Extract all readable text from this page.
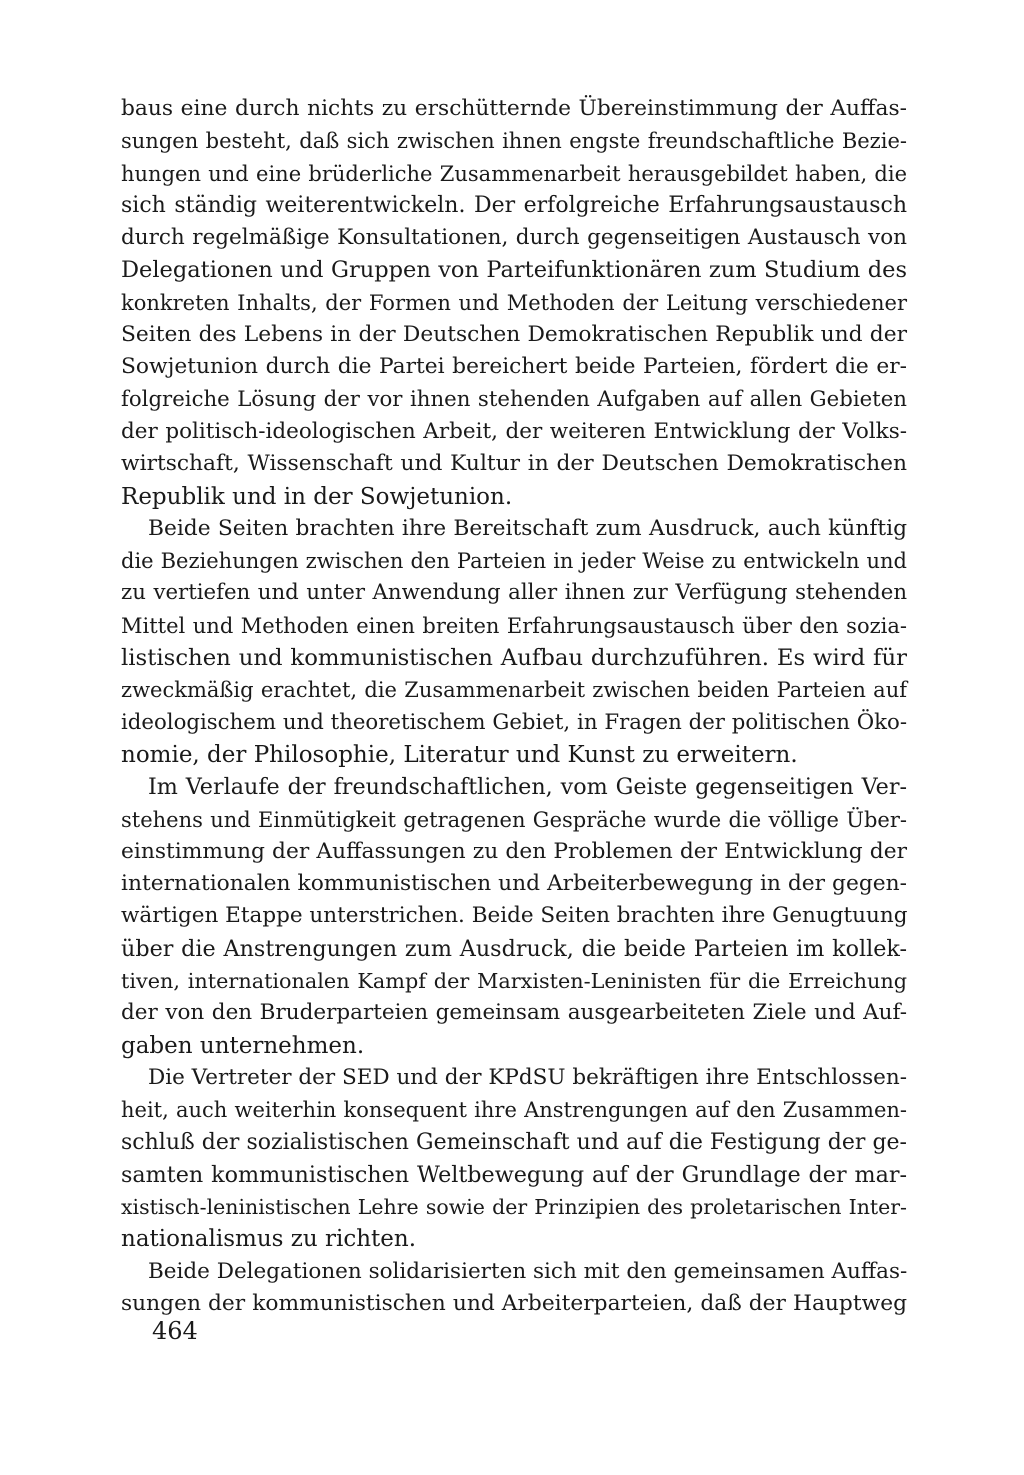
baus eine durch nichts zu erschütternde Übereinstimmung der Auffas-
sungen besteht, daß sich zwischen ihnen engste freundschaftliche Bezie-
hungen und eine brüderliche Zusammenarbeit herausgebildet haben, die
sich ständig weiterentwickeln. Der erfolgreiche Erfahrungsaustausch
durch regelmäßige Konsultationen, durch gegenseitigen Austausch von
Delegationen und Gruppen von Parteifunktionären zum Studium des
konkreten Inhalts, der Formen und Methoden der Leitung verschiedener
Seiten des Lebens in der Deutschen Demokratischen Republik und der
Sowjetunion durch die Partei bereichert beide Parteien, fördert die er-
folgreiche Lösung der vor ihnen stehenden Aufgaben auf allen Gebieten
der politisch-ideologischen Arbeit, der weiteren Entwicklung der Volks-
wirtschaft, Wissenschaft und Kultur in der Deutschen Demokratischen
Republik und in der Sowjetunion.

Beide Seiten brachten ihre Bereitschaft zum Ausdruck, auch künftig
die Beziehungen zwischen den Parteien in jeder Weise zu entwickeln und
zu vertiefen und unter Anwendung aller ihnen zur Verfügung stehenden
Mittel und Methoden einen breiten Erfahrungsaustausch über den sozia-
listischen und kommunistischen Aufbau durchzuführen. Es wird für
zweckmäßig erachtet, die Zusammenarbeit zwischen beiden Parteien auf
ideologischem und theoretischem Gebiet, in Fragen der politischen Öko-
nomie, der Philosophie, Literatur und Kunst zu erweitern.

Im Verlaufe der freundschaftlichen, vom Geiste gegenseitigen Ver-
stehens und Einmütigkeit getragenen Gespräche wurde die völlige Über-
einstimmung der Auffassungen zu den Problemen der Entwicklung der
internationalen kommunistischen und Arbeiterbewegung in der gegen-
wärtigen Etappe unterstrichen. Beide Seiten brachten ihre Genugtuung
über die Anstrengungen zum Ausdruck, die beide Parteien im kollek-
tiven, internationalen Kampf der Marxisten-Leninisten für die Erreichung
der von den Bruderparteien gemeinsam ausgearbeiteten Ziele und Auf-
gaben unternehmen.

Die Vertreter der SED und der KPdSU bekräftigen ihre Entschlossen-
heit, auch weiterhin konsequent ihre Anstrengungen auf den Zusammen-
schluß der sozialistischen Gemeinschaft und auf die Festigung der ge-
samten kommunistischen Weltbewegung auf der Grundlage der mar-
xistisch-leninistischen Lehre sowie der Prinzipien des proletarischen Inter-
nationalismus zu richten.

Beide Delegationen solidarisierten sich mit den gemeinsamen Auffas-
sungen der kommunistischen und Arbeiterparteien, daß der Hauptweg

464
